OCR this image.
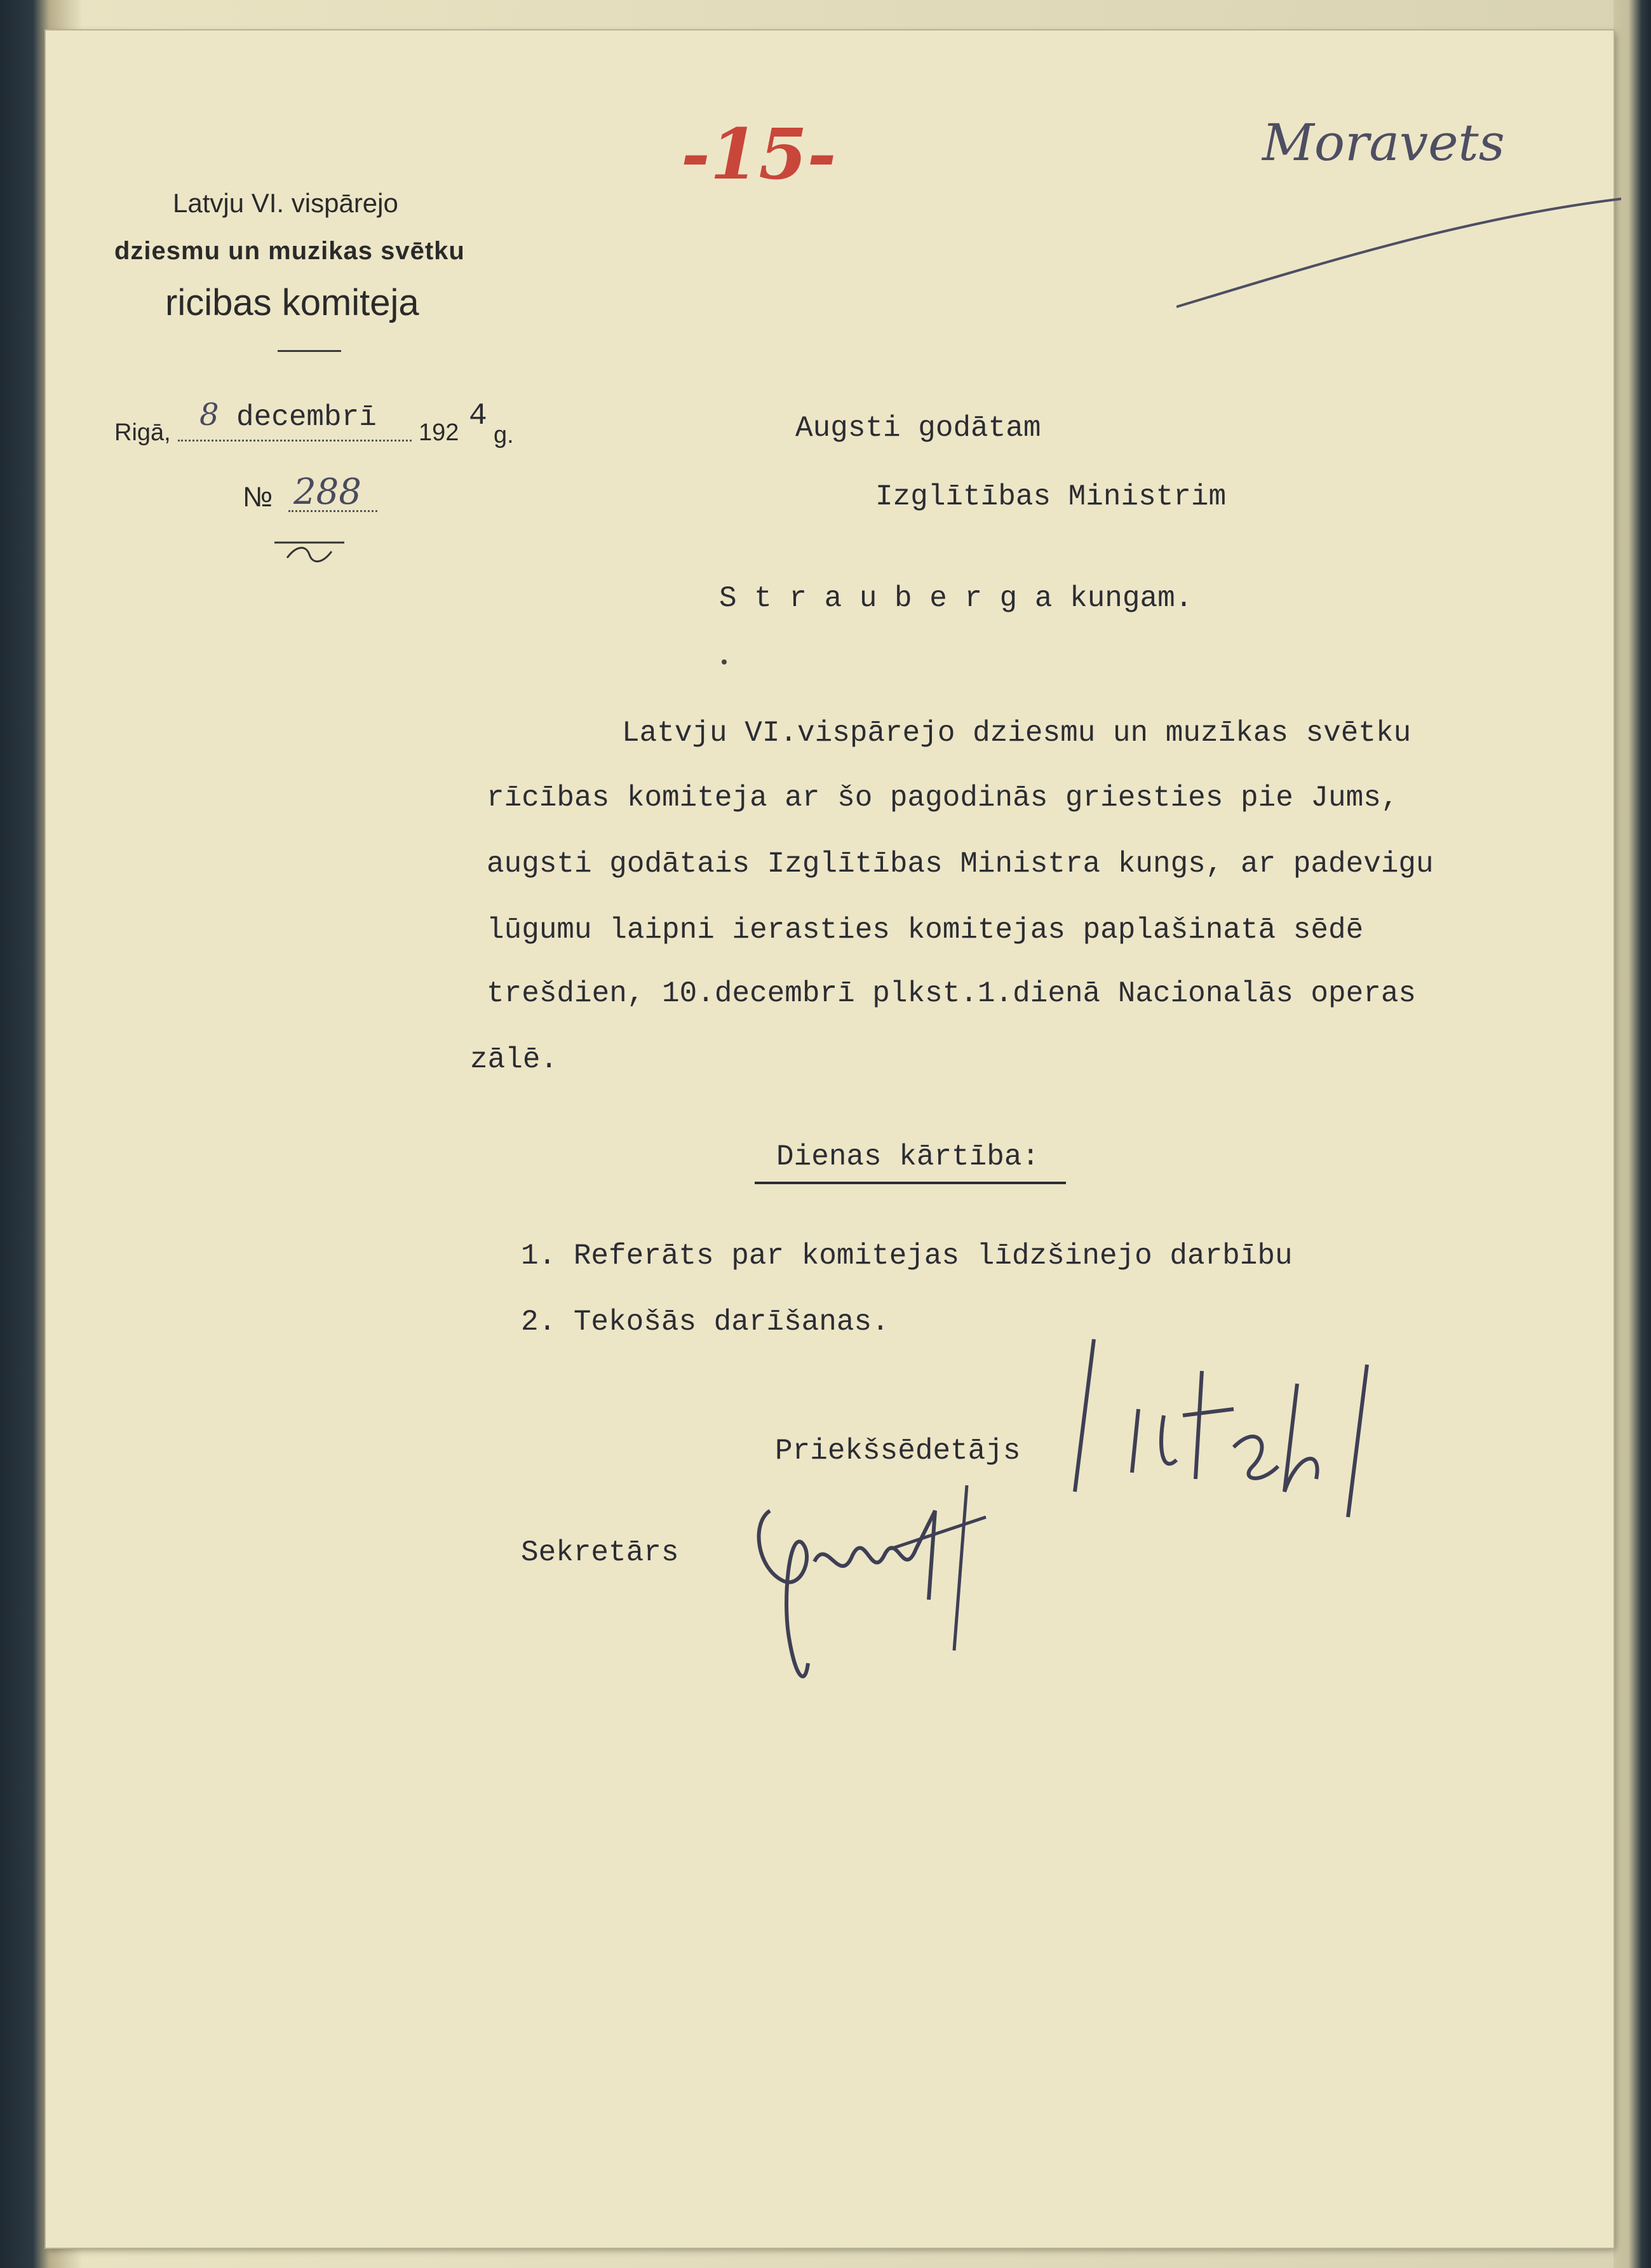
-15-	Moravets
Latvju VI. vispārejo
dziesmu un muzikas svētku
ricibas komiteja
Rigā, 8 decembrī 192 4
g.
№ 288
Augsti godātam
Izglītības Ministrim
S t r a u b e r g a kungam.
Latvju VI.vispārejo dziesmu un muzīkas svētku
rīcības komiteja ar šo pagodinās griesties pie Jums,
augsti godātais Izglītības Ministra kungs, ar padevigu
lūgumu laipni ierasties komitejas paplašinatā sēdē
trešdien, 10.decembrī plkst.1.dienā Nacionalās operas
zālē.
Dienas kārtība:
1. Referāts par komitejas līdzšinejo darbību
2. Tekošās darīšanas.
Priekšsēdetājs
Sekretārs
